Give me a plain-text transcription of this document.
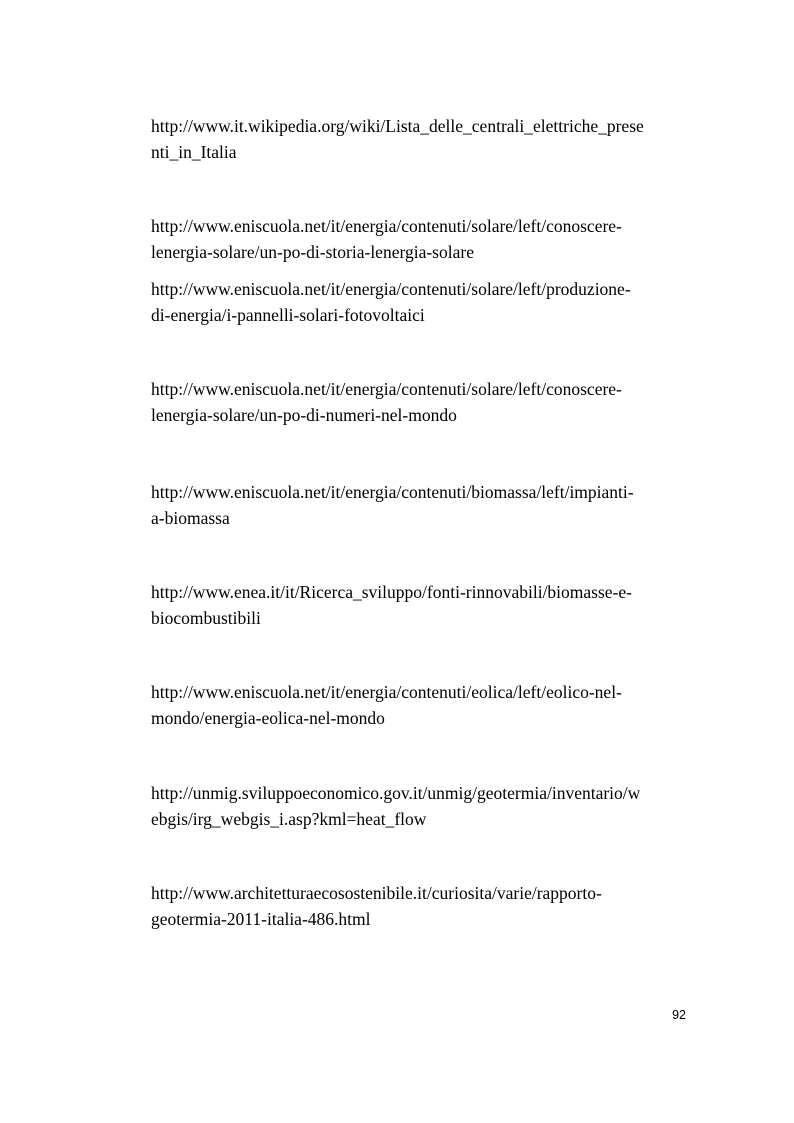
http://www.it.wikipedia.org/wiki/Lista_delle_centrali_elettriche_prese
nti_in_Italia

http://www.eniscuola.net/it/energia/contenuti/solare/left/conoscere-
lenergia-solare/un-po-di-storia-lenergia-solare

http://www.eniscuola.net/it/energia/contenuti/solare/left/produzione-
di-energia/i-pannelli-solari-fotovoltaici

http://www.eniscuola.net/it/energia/contenuti/solare/left/conoscere-
lenergia-solare/un-po-di-numeri-nel-mondo

http://www.eniscuola.net/it/energia/contenuti/biomassa/left/impianti-
a-biomassa

http://www.enea.it/it/Ricerca_sviluppo/fonti-rinnovabili/biomasse-e-
biocombustibili

http://www.eniscuola.net/it/energia/contenuti/eolica/left/eolico-nel-
mondo/energia-eolica-nel-mondo

http://unmig.sviluppoeconomico.gov.it/unmig/geotermia/inventario/w
ebgis/irg_webgis_i.asp?kml=heat_flow

http://www.architetturaecosostenibile.it/curiosita/varie/rapporto-
geotermia-2011-italia-486.html

92
